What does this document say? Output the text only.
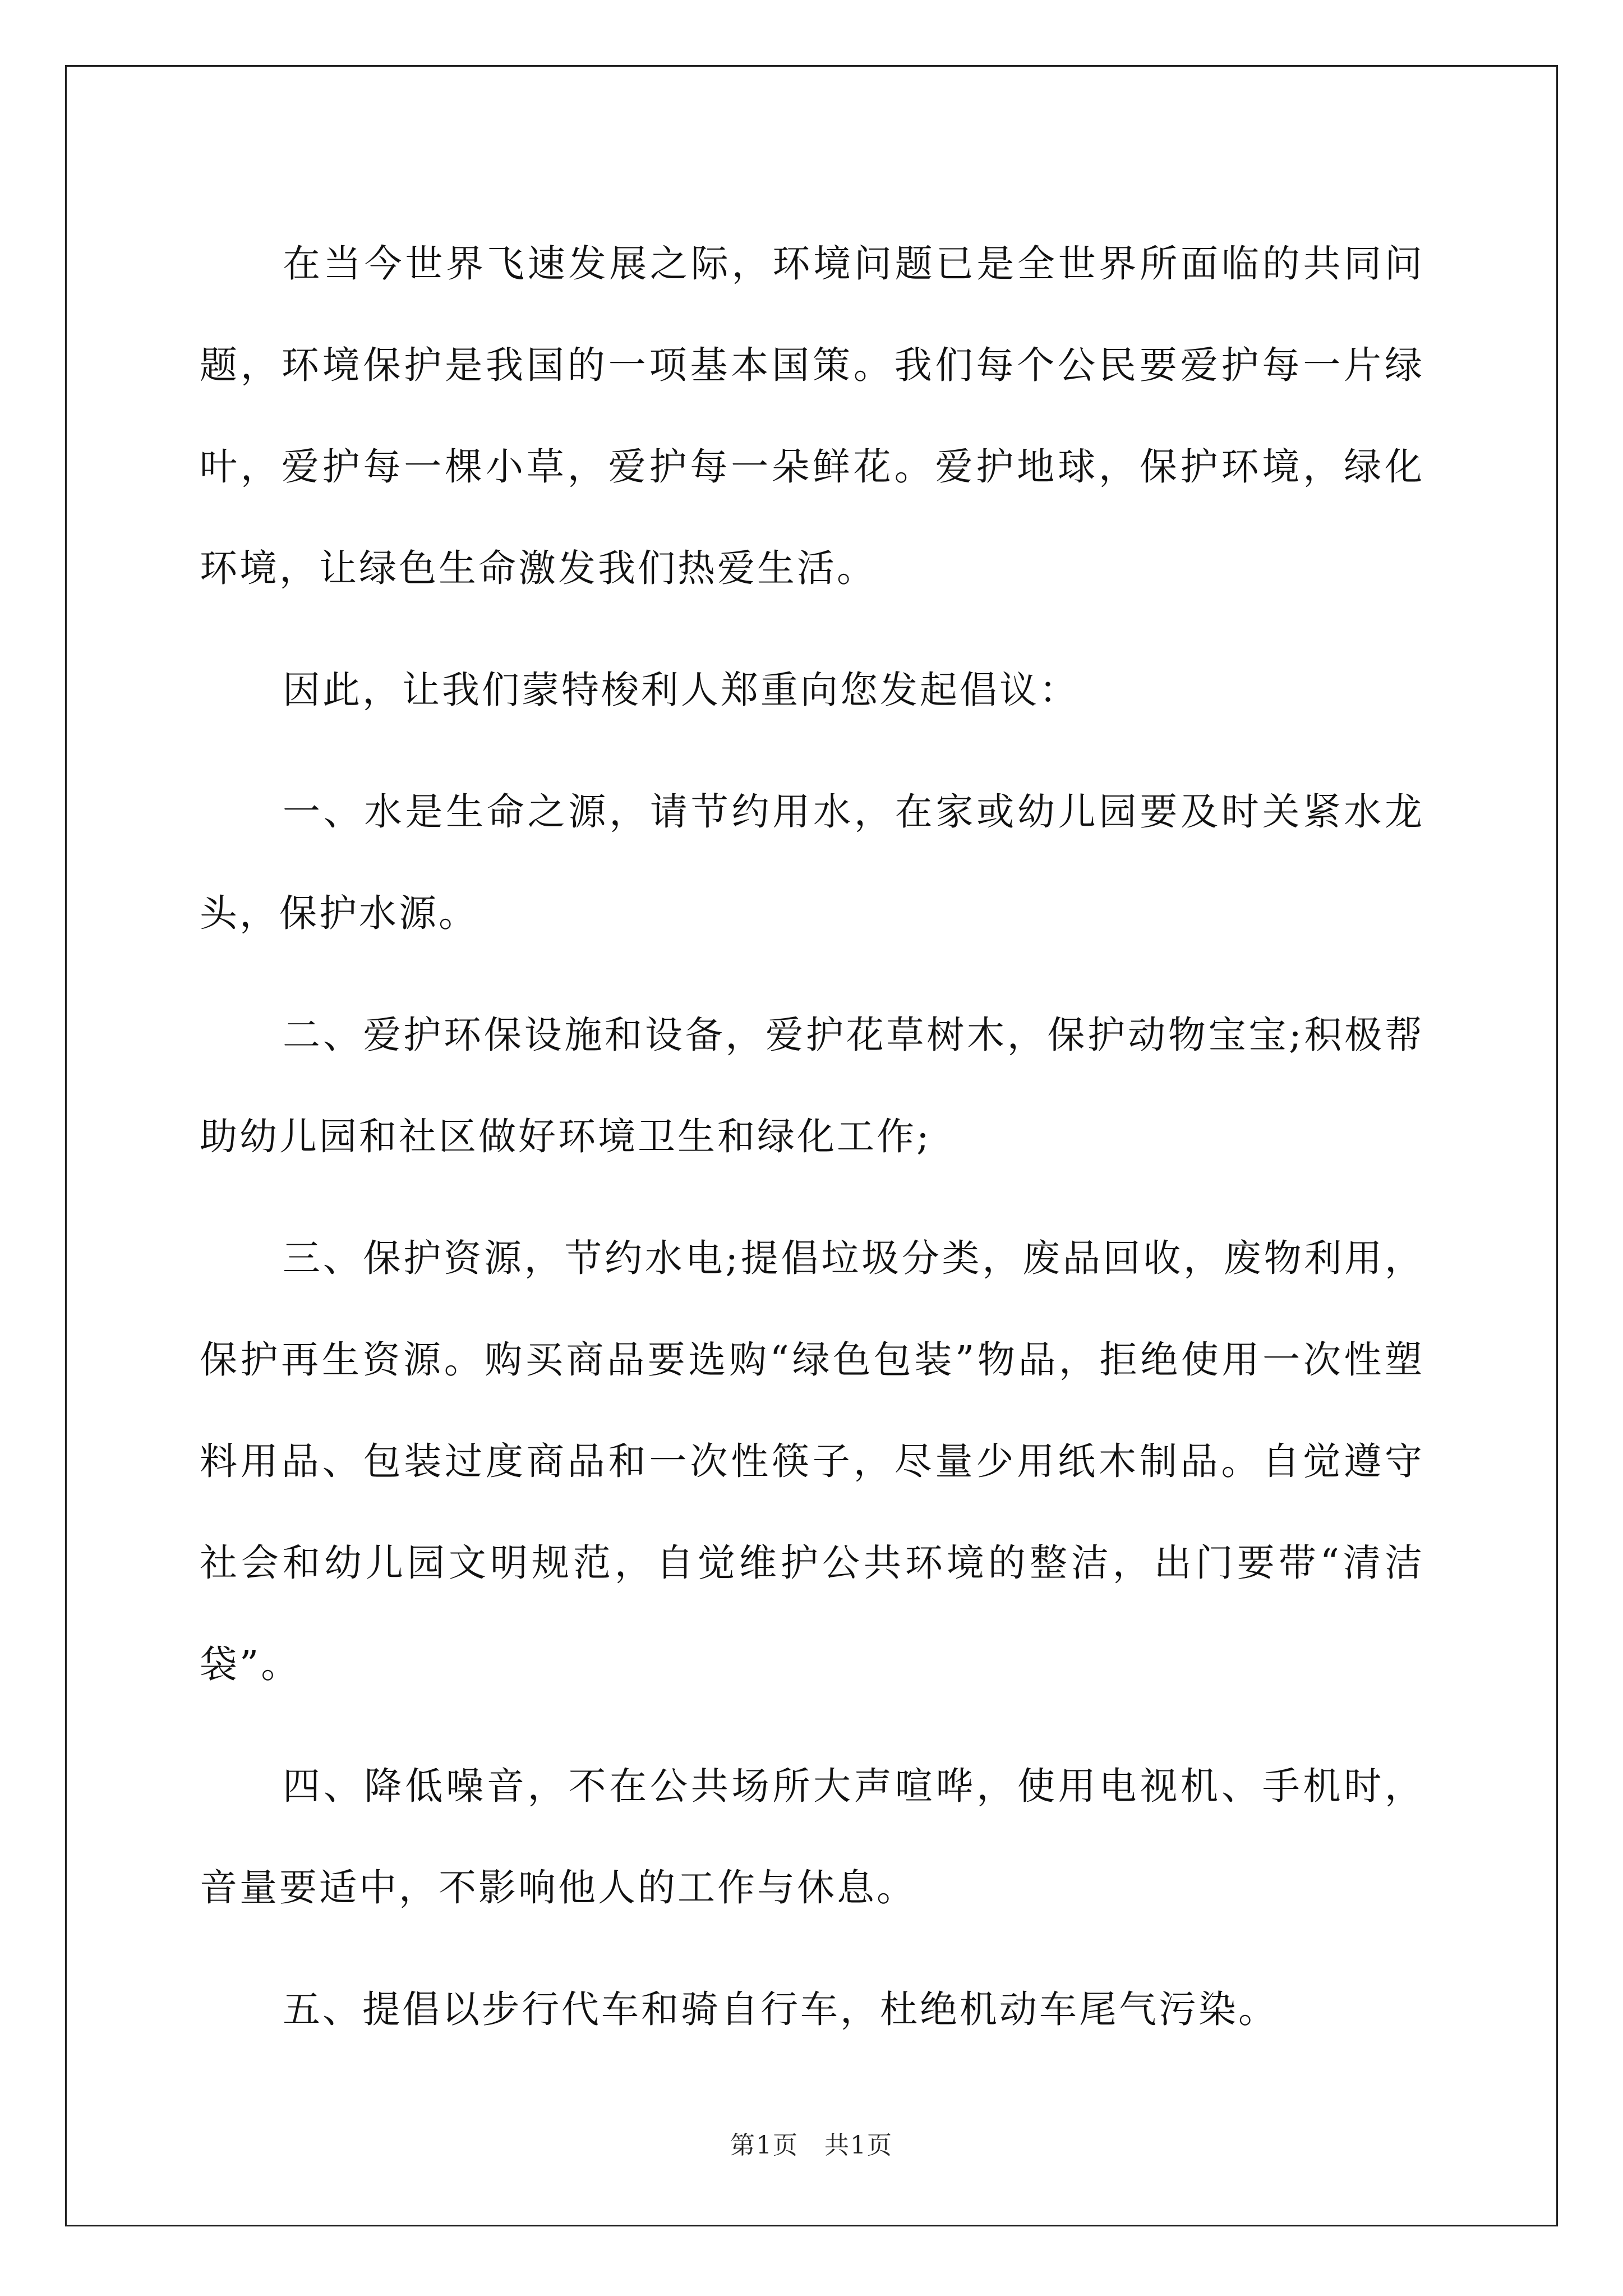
在当今世界飞速发展之际，环境问题已是全世界所面临的共同问题，环境保护是我国的一项基本国策。我们每个公民要爱护每一片绿叶，爱护每一棵小草，爱护每一朵鲜花。爱护地球，保护环境，绿化环境，让绿色生命激发我们热爱生活。

因此，让我们蒙特梭利人郑重向您发起倡议：

一、水是生命之源，请节约用水，在家或幼儿园要及时关紧水龙头，保护水源。

二、爱护环保设施和设备，爱护花草树木，保护动物宝宝;积极帮助幼儿园和社区做好环境卫生和绿化工作;

三、保护资源，节约水电;提倡垃圾分类，废品回收，废物利用，保护再生资源。购买商品要选购“绿色包装”物品，拒绝使用一次性塑料用品、包装过度商品和一次性筷子，尽量少用纸木制品。自觉遵守社会和幼儿园文明规范，自觉维护公共环境的整洁，出门要带“清洁袋”。

四、降低噪音，不在公共场所大声喧哗，使用电视机、手机时，音量要适中，不影响他人的工作与休息。

五、提倡以步行代车和骑自行车，杜绝机动车尾气污染。

第1页　共1页
